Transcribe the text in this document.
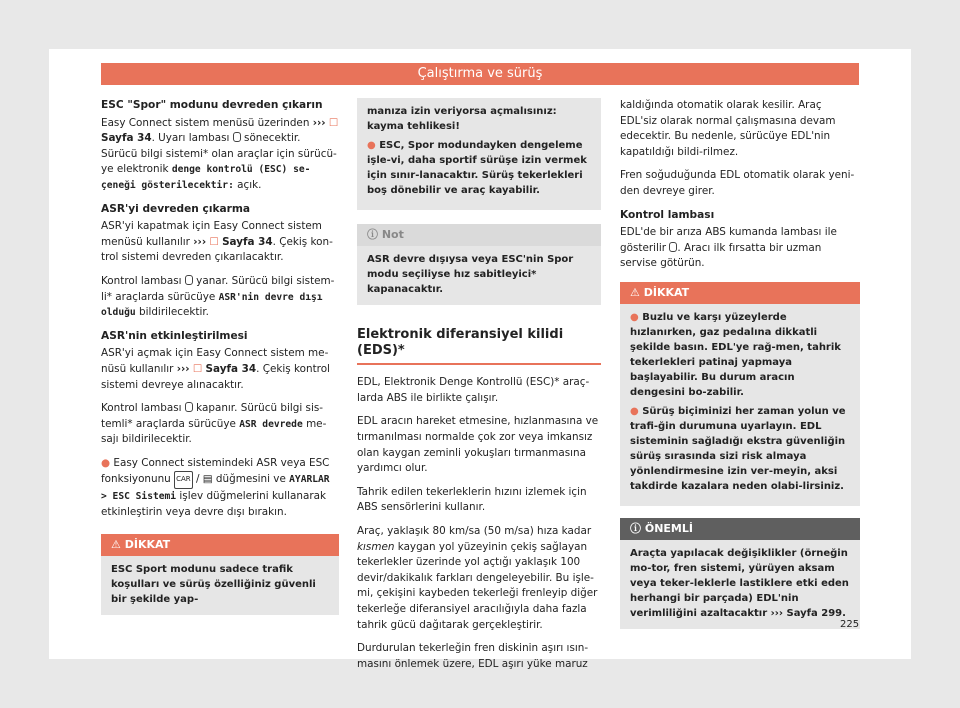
Çalıştırma ve sürüş
ESC "Spor" modunu devreden çıkarın

Easy Connect sistem menüsü üzerinden ››› ☐ Sayfa 34. Uyarı lambası sönecektir. Sürücü bilgi sistemi* olan araçlar için sürücü-ye elektronik denge kontrolü (ESC) se-çeneği gösterilecektir: açık.

ASR'yi devreden çıkarma

ASR'yi kapatmak için Easy Connect sistem menüsü kullanılır ››› ☐ Sayfa 34. Çekiş kon-trol sistemi devreden çıkarılacaktır.

Kontrol lambası yanar. Sürücü bilgi sistem-li* araçlarda sürücüye ASR'nin devre dışı olduğu bildirilecektir.

ASR'nin etkinleştirilmesi

ASR'yi açmak için Easy Connect sistem me-nüsü kullanılır ››› ☐ Sayfa 34. Çekiş kontrol sistemi devreye alınacaktır.

Kontrol lambası kapanır. Sürücü bilgi sis-temli* araçlarda sürücüye ASR devrede me-sajı bildirilecektir.

● Easy Connect sistemindeki ASR veya ESC fonksiyonunu CAR / ▤ düğmesini ve AYARLAR > ESC Sistemi işlev düğmelerini kullanarak etkinleştirin veya devre dışı bırakın.

⚠ DİKKAT
ESC Sport modunu sadece trafik koşulları ve sürüş özelliğiniz güvenli bir şekilde yap-

manıza izin veriyorsa açmalısınız: kayma tehlikesi!

● ESC, Spor modundayken dengeleme işle-vi, daha sportif sürüşe izin vermek için sınır-lanacaktır. Sürüş tekerlekleri boş dönebilir ve araç kayabilir.

ⓘ Not
ASR devre dışıysa veya ESC'nin Spor modu seçiliyse hız sabitleyici* kapanacaktır.
Elektronik diferansiyel kilidi (EDS)*

EDL, Elektronik Denge Kontrollü (ESC)* araç-larda ABS ile birlikte çalışır.

EDL aracın hareket etmesine, hızlanmasına ve tırmanılması normalde çok zor veya imkansız olan kaygan zeminli yokuşları tırmanmasına yardımcı olur.

Tahrik edilen tekerleklerin hızını izlemek için ABS sensörlerini kullanır.

Araç, yaklaşık 80 km/sa (50 m/sa) hıza kadar kısmen kaygan yol yüzeyinin çekiş sağlayan tekerlekler üzerinde yol açtığı yaklaşık 100 devir/dakikalık farkları dengeleyebilir. Bu işle-mi, çekişini kaybeden tekerleği frenleyip diğer tekerleğe diferansiyel aracılığıyla daha fazla tahrik gücü dağıtarak gerçekleştirir.

Durdurulan tekerleğin fren diskinin aşırı ısın-masını önlemek üzere, EDL aşırı yüke maruz

kaldığında otomatik olarak kesilir. Araç EDL'siz olarak normal çalışmasına devam edecektir. Bu nedenle, sürücüye EDL'nin kapatıldığı bildi-rilmez.

Fren soğuduğunda EDL otomatik olarak yeni-den devreye girer.

Kontrol lambası

EDL'de bir arıza ABS kumanda lambası ile gösterilir . Aracı ilk fırsatta bir uzman servise götürün.

⚠ DİKKAT

● Buzlu ve karşı yüzeylerde hızlanırken, gaz pedalına dikkatli şekilde basın. EDL'ye rağ-men, tahrik tekerlekleri patinaj yapmaya başlayabilir. Bu durum aracın dengesini bo-zabilir.

● Sürüş biçiminizi her zaman yolun ve trafi-ğin durumuna uyarlayın. EDL sisteminin sağladığı ekstra güvenliğin sürüş sırasında sizi risk almaya yönlendirmesine izin ver-meyin, aksi takdirde kazalara neden olabi-lirsiniz.

ⓘ ÖNEMLİ
Araçta yapılacak değişiklikler (örneğin mo-tor, fren sistemi, yürüyen aksam veya teker-leklerle lastiklere etki eden herhangi bir parçada) EDL'nin verimliliğini azaltacaktır ››› Sayfa 299.
225
